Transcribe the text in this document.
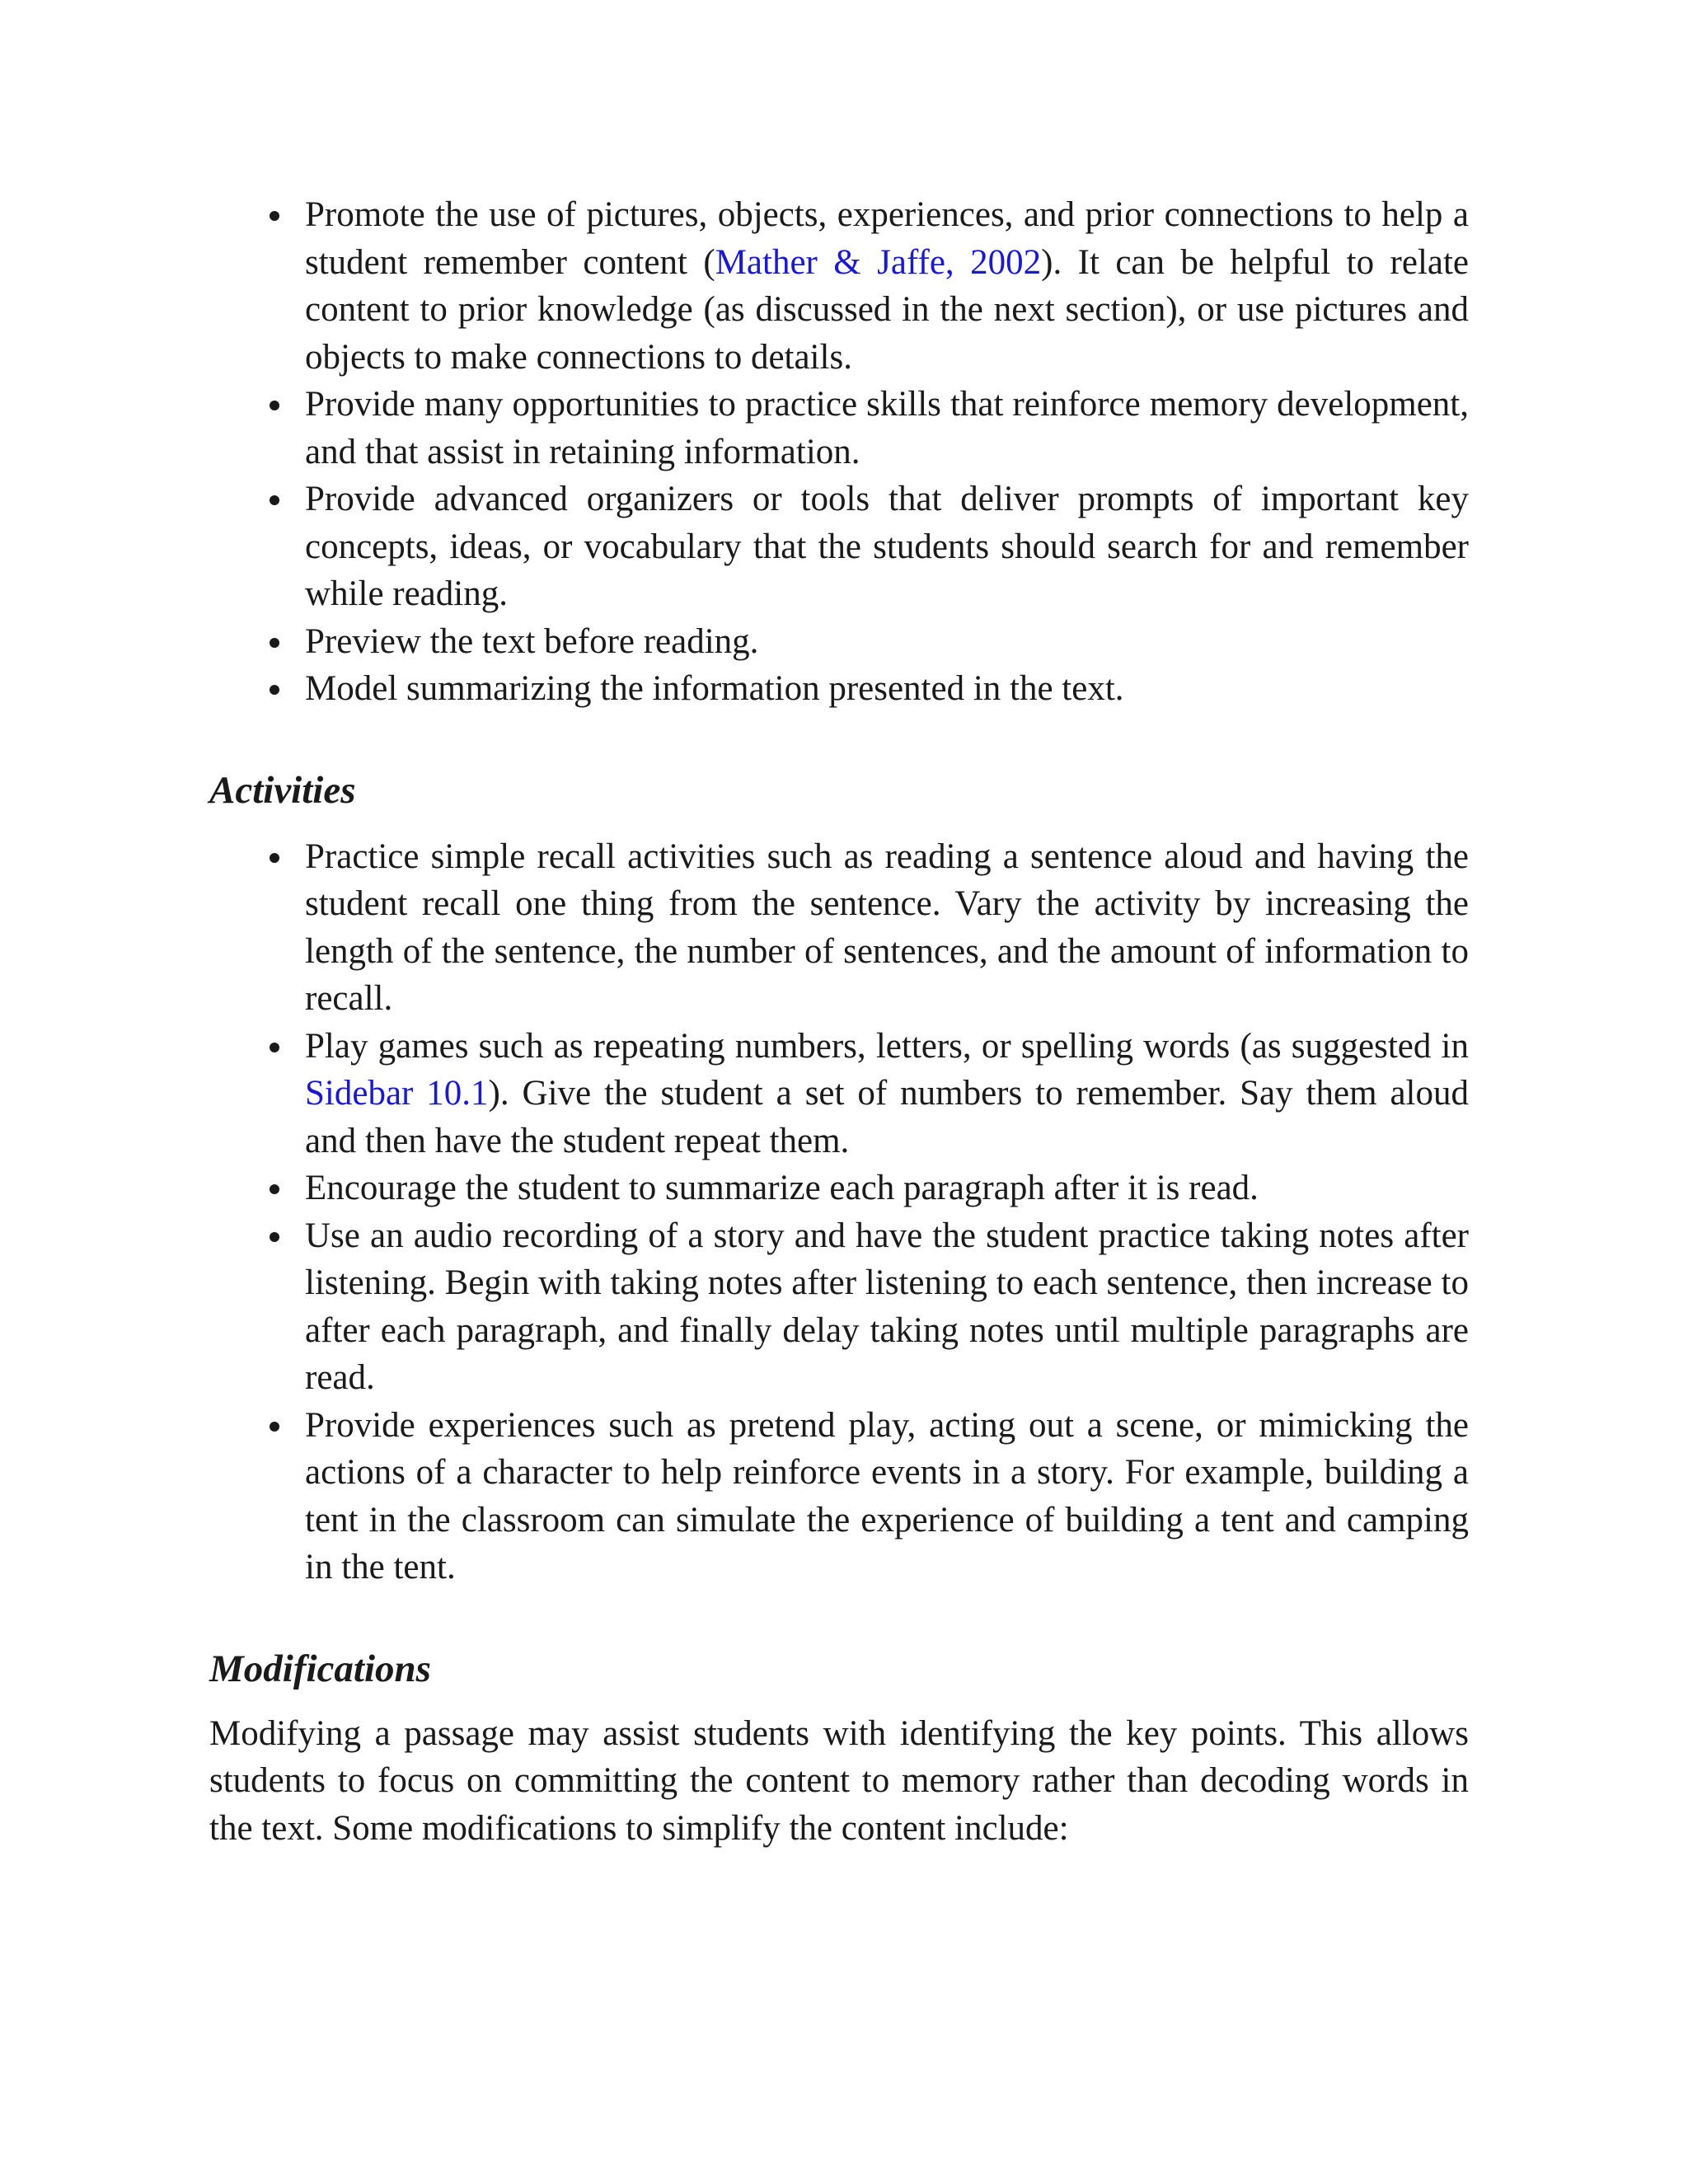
Promote the use of pictures, objects, experiences, and prior connections to help a student remember content (Mather & Jaffe, 2002). It can be helpful to relate content to prior knowledge (as discussed in the next section), or use pictures and objects to make connections to details.
Provide many opportunities to practice skills that reinforce memory development, and that assist in retaining information.
Provide advanced organizers or tools that deliver prompts of important key concepts, ideas, or vocabulary that the students should search for and remember while reading.
Preview the text before reading.
Model summarizing the information presented in the text.
Activities
Practice simple recall activities such as reading a sentence aloud and having the student recall one thing from the sentence. Vary the activity by increasing the length of the sentence, the number of sentences, and the amount of information to recall.
Play games such as repeating numbers, letters, or spelling words (as suggested in Sidebar 10.1). Give the student a set of numbers to remember. Say them aloud and then have the student repeat them.
Encourage the student to summarize each paragraph after it is read.
Use an audio recording of a story and have the student practice taking notes after listening. Begin with taking notes after listening to each sentence, then increase to after each paragraph, and finally delay taking notes until multiple paragraphs are read.
Provide experiences such as pretend play, acting out a scene, or mimicking the actions of a character to help reinforce events in a story. For example, building a tent in the classroom can simulate the experience of building a tent and camping in the tent.
Modifications

Modifying a passage may assist students with identifying the key points. This allows students to focus on committing the content to memory rather than decoding words in the text. Some modifications to simplify the content include:
